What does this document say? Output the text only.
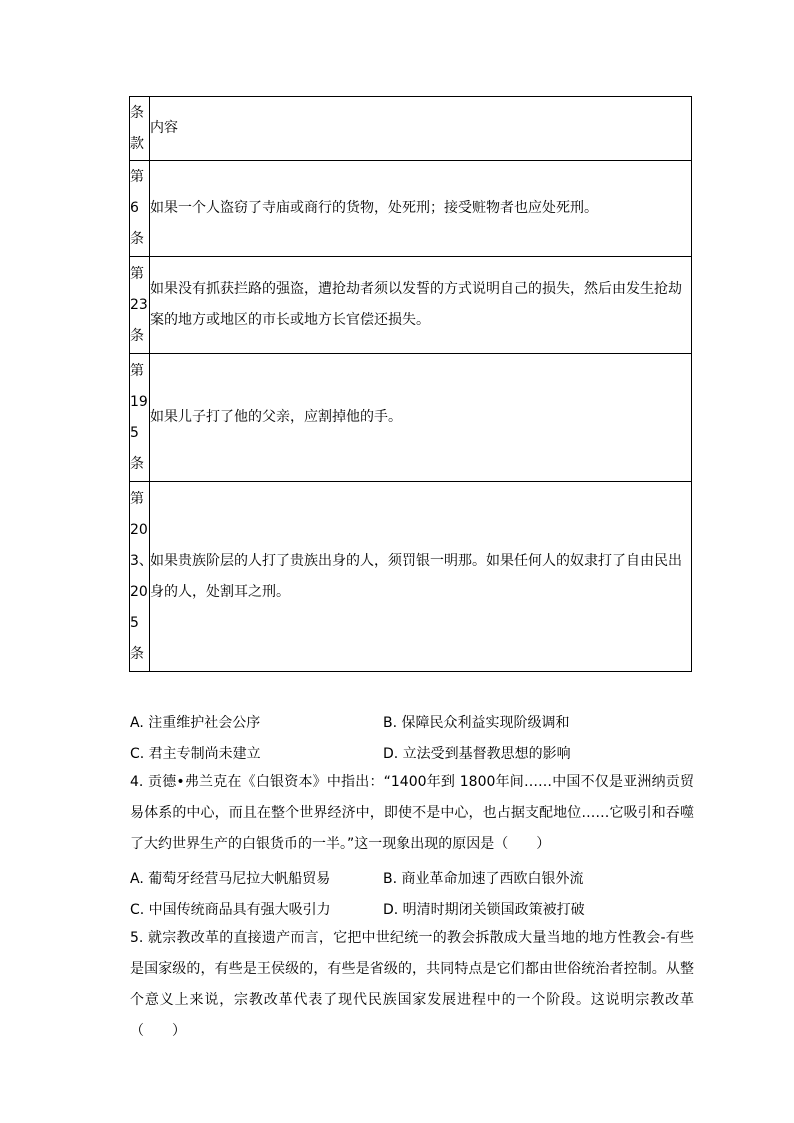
条款	内容

第6条	如果一个人盗窃了寺庙或商行的货物，处死刑；接受赃物者也应处死刑。

第23条	如果没有抓获拦路的强盗，遭抢劫者须以发誓的方式说明自己的损失，然后由发生抢劫案的地方或地区的市长或地方长官偿还损失。

第195条	如果儿子打了他的父亲，应割掉他的手。

第203、205条	如果贵族阶层的人打了贵族出身的人，须罚银一明那。如果任何人的奴隶打了自由民出身的人，处割耳之刑。
A. 注重维护社会公序	B. 保障民众利益实现阶级调和
C. 君主专制尚未建立	D. 立法受到基督教思想的影响

4. 贡德•弗兰克在《白银资本》中指出：“1400年到 1800年间……中国不仅是亚洲纳贡贸易体系的中心，而且在整个世界经济中，即使不是中心，也占据支配地位……它吸引和吞噬了大约世界生产的白银货币的一半。”这一现象出现的原因是（　　）

A. 葡萄牙经营马尼拉大帆船贸易	B. 商业革命加速了西欧白银外流
C. 中国传统商品具有强大吸引力	D. 明清时期闭关锁国政策被打破

5. 就宗教改革的直接遗产而言，它把中世纪统一的教会拆散成大量当地的地方性教会-有些是国家级的，有些是王侯级的，有些是省级的，共同特点是它们都由世俗统治者控制。从整个意义上来说，宗教改革代表了现代民族国家发展进程中的一个阶段。这说明宗教改革（　　）
